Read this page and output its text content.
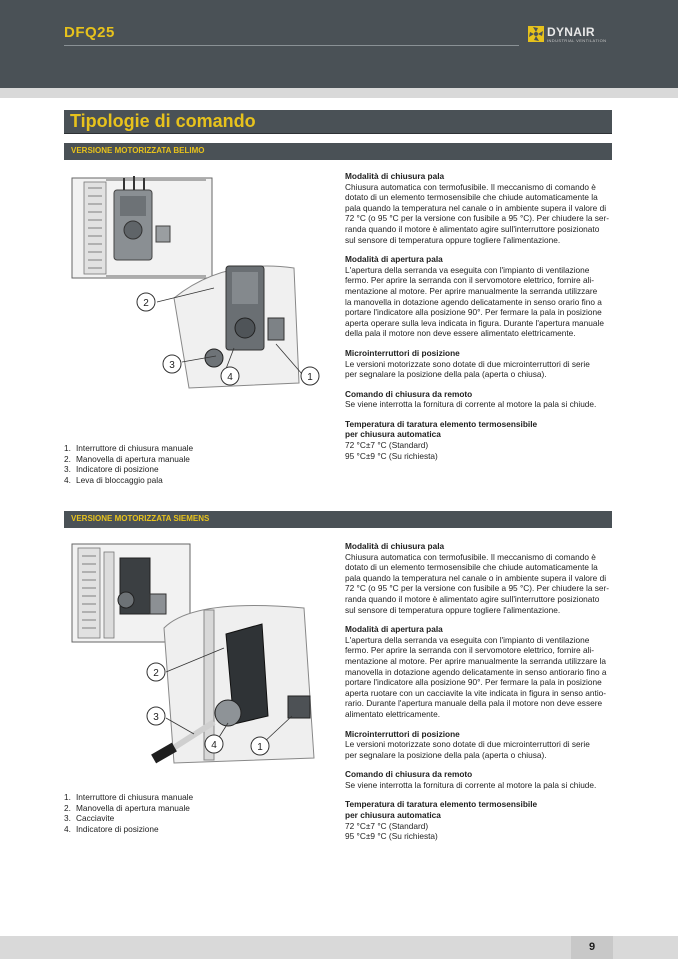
DFQ25	DYNAIR
INDUSTRIAL VENTILATION
Tipologie di comando
VERSIONE MOTORIZZATA BELIMO
2
3
4	1
1. Interruttore di chiusura manuale
2. Manovella di apertura manuale
3. Indicatore di posizione
4. Leva di bloccaggio pala
Modalità di chiusura pala

Chiusura automatica con termofusibile. Il meccanismo di comando è
dotato di un elemento termosensibile che chiude automaticamente la
pala quando la temperatura nel canale o in ambiente supera il valore di
72 °C (o 95 °C per la versione con fusibile a 95 °C). Per chiudere la ser-
randa quando il motore è alimentato agire sull'interruttore posizionato
sul sensore di temperatura oppure togliere l'alimentazione.

Modalità di apertura pala

L'apertura della serranda va eseguita con l'impianto di ventilazione
fermo. Per aprire la serranda con il servomotore elettrico, fornire ali-
mentazione al motore. Per aprire manualmente la serranda utilizzare
la manovella in dotazione agendo delicatamente in senso orario fino a
portare l'indicatore alla posizione 90°. Per fermare la pala in posizione
aperta operare sulla leva indicata in figura. Durante l'apertura manuale
della pala il motore non deve essere alimentato elettricamente.

Microinterruttori di posizione

Le versioni motorizzate sono dotate di due microinterruttori di serie
per segnalare la posizione della pala (aperta o chiusa).

Comando di chiusura da remoto

Se viene interrotta la fornitura di corrente al motore la pala si chiude.

Temperatura di taratura elemento termosensibile
per chiusura automatica

72 °C±7 °C (Standard)
95 °C±9 °C (Su richiesta)

VERSIONE MOTORIZZATA SIEMENS
2
3
4	1
1. Interruttore di chiusura manuale
2. Manovella di apertura manuale
3. Cacciavite
4. Indicatore di posizione
Modalità di chiusura pala

Chiusura automatica con termofusibile. Il meccanismo di comando è
dotato di un elemento termosensibile che chiude automaticamente la
pala quando la temperatura nel canale o in ambiente supera il valore di
72 °C (o 95 °C per la versione con fusibile a 95 °C). Per chiudere la ser-
randa quando il motore è alimentato agire sull'interruttore posizionato
sul sensore di temperatura oppure togliere l'alimentazione.

Modalità di apertura pala

L'apertura della serranda va eseguita con l'impianto di ventilazione
fermo. Per aprire la serranda con il servomotore elettrico, fornire ali-
mentazione al motore. Per aprire manualmente la serranda utilizzare la
manovella in dotazione agendo delicatamente in senso antiorario fino a
portare l'indicatore alla posizione 90°. Per fermare la pala in posizione
aperta ruotare con un cacciavite la vite indicata in figura in senso antio-
rario. Durante l'apertura manuale della pala il motore non deve essere
alimentato elettricamente.

Microinterruttori di posizione

Le versioni motorizzate sono dotate di due microinterruttori di serie
per segnalare la posizione della pala (aperta o chiusa).

Comando di chiusura da remoto

Se viene interrotta la fornitura di corrente al motore la pala si chiude.

Temperatura di taratura elemento termosensibile
per chiusura automatica

72 °C±7 °C (Standard)
95 °C±9 °C (Su richiesta)

9
